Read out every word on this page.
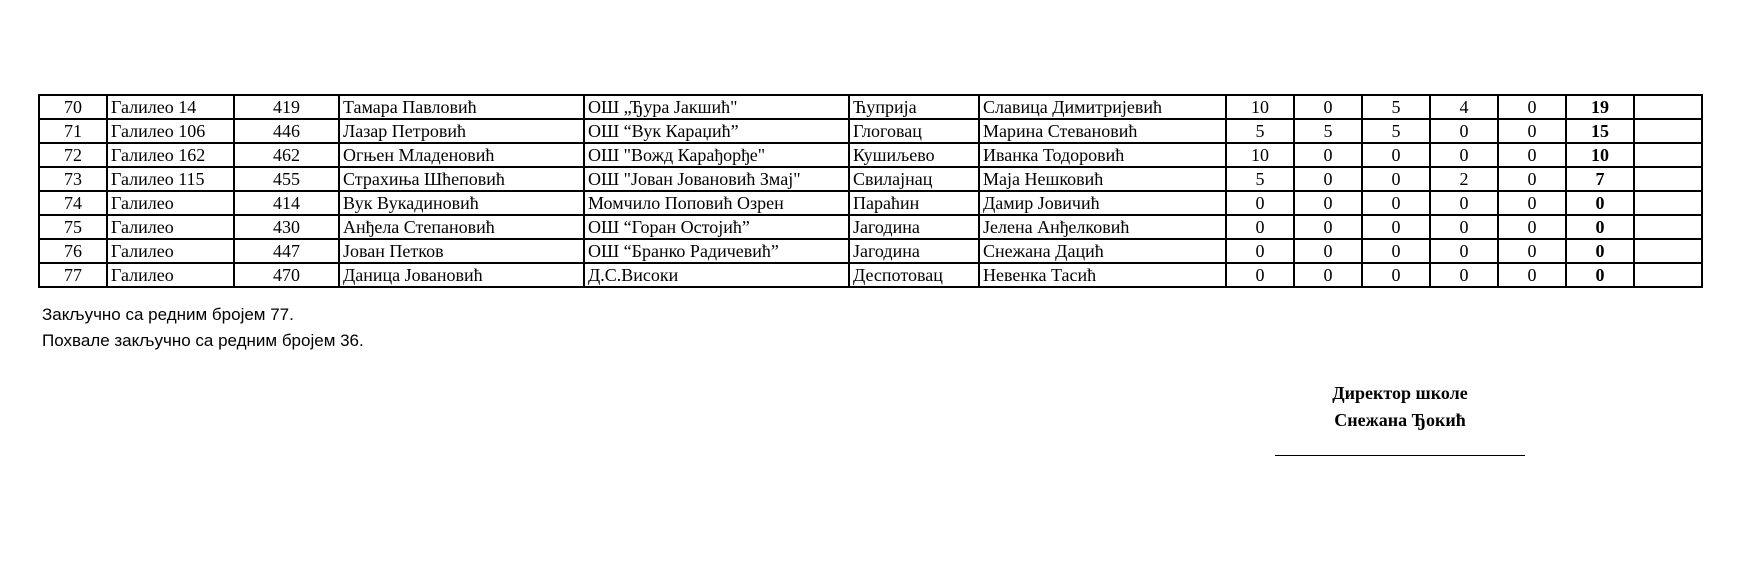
70	Галилео 14	419	Тамара Павловић	ОШ „Ђура Јакшић"	Ћуприја	Славица Димитријевић	10	0	5	4	0	19	
71	Галилео 106	446	Лазар Петровић	ОШ “Вук Караџић”	Глоговац	Марина Стевановић	5	5	5	0	0	15	
72	Галилео 162	462	Огњен Младеновић	ОШ "Вожд Карађорђе"	Кушиљево	Иванка Тодоровић	10	0	0	0	0	10	
73	Галилео 115	455	Страхиња Шћеповић	ОШ "Јован Јовановић Змај"	Свилајнац	Маја Нешковић	5	0	0	2	0	7	
74	Галилео	414	Вук Вукадиновић	Момчило Поповић Озрен	Параћин	Дамир Јовичић	0	0	0	0	0	0	
75	Галилео	430	Анђела Степановић	ОШ “Горан Остојић”	Јагодина	Јелена Анђелковић	0	0	0	0	0	0	
76	Галилео	447	Јован Петков	ОШ “Бранко Радичевић”	Јагодина	Снежана Дацић	0	0	0	0	0	0	
77	Галилео	470	Даница Јовановић	Д.С.Високи	Деспотовац	Невенка Тасић	0	0	0	0	0	0	
Закључно са редним бројем 77.
Похвале закључно са редним бројем 36.
Директор школе
Снежана Ђокић
